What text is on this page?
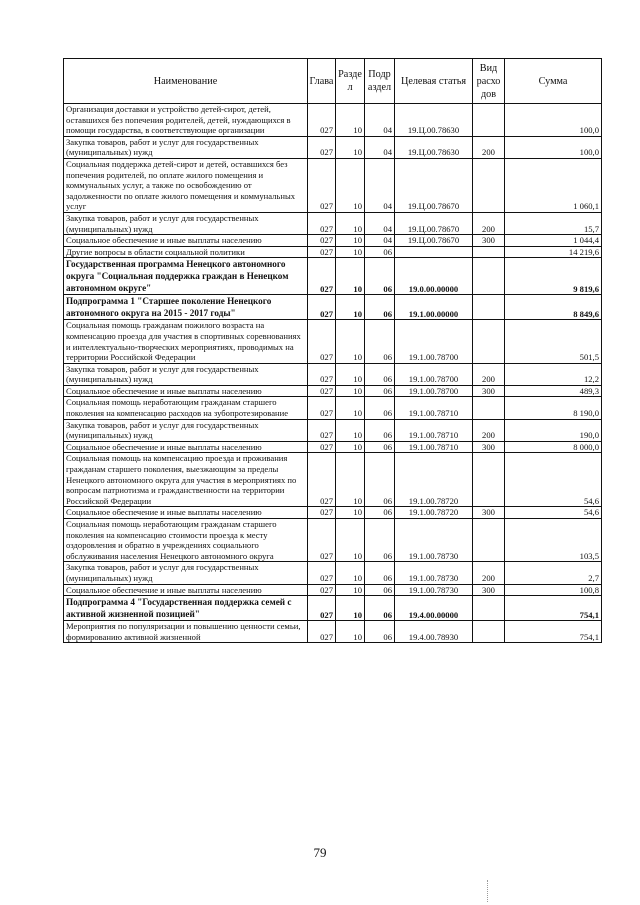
Наименование	Глава	Разде л	Подр аздел	Целевая статья	Вид расхо дов	Сумма
Организация доставки и устройство детей-сирот, детей, оставшихся без попечения родителей, детей, нуждающихся в помощи государства, в соответствующие организации	027	10	04	19.Ц.00.78630		100,0
Закупка товаров, работ и услуг для государственных (муниципальных) нужд	027	10	04	19.Ц.00.78630	200	100,0
Социальная поддержка детей-сирот и детей, оставшихся без попечения родителей, по оплате жилого помещения и коммунальных услуг, а также по освобождению от задолженности по оплате жилого помещения и коммунальных услуг	027	10	04	19.Ц.00.78670		1 060,1
Закупка товаров, работ и услуг для государственных (муниципальных) нужд	027	10	04	19.Ц.00.78670	200	15,7
Социальное обеспечение и иные выплаты населению	027	10	04	19.Ц.00.78670	300	1 044,4
Другие вопросы в области социальной политики	027	10	06			14 219,6
Государственная программа Ненецкого автономного округа "Социальная поддержка граждан в Ненецком автономном округе"	027	10	06	19.0.00.00000		9 819,6
Подпрограмма 1 "Старшее поколение Ненецкого автономного округа на 2015 - 2017 годы"	027	10	06	19.1.00.00000		8 849,6
Социальная помощь гражданам пожилого возраста на компенсацию проезда для участия в спортивных соревнованиях и интеллектуально-творческих мероприятиях, проводимых на территории Российской Федерации	027	10	06	19.1.00.78700		501,5
Закупка товаров, работ и услуг для государственных (муниципальных) нужд	027	10	06	19.1.00.78700	200	12,2
Социальное обеспечение и иные выплаты населению	027	10	06	19.1.00.78700	300	489,3
Социальная помощь неработающим гражданам старшего поколения на компенсацию расходов на зубопротезирование	027	10	06	19.1.00.78710		8 190,0
Закупка товаров, работ и услуг для государственных (муниципальных) нужд	027	10	06	19.1.00.78710	200	190,0
Социальное обеспечение и иные выплаты населению	027	10	06	19.1.00.78710	300	8 000,0
Социальная помощь на компенсацию проезда и проживания гражданам старшего поколения, выезжающим за пределы Ненецкого автономного округа для участия в мероприятиях по вопросам патриотизма и гражданственности на территории Российской Федерации	027	10	06	19.1.00.78720		54,6
Социальное обеспечение и иные выплаты населению	027	10	06	19.1.00.78720	300	54,6
Социальная помощь неработающим гражданам старшего поколения на компенсацию стоимости проезда к месту оздоровления и обратно в учреждениях социального обслуживания населения Ненецкого автономного округа	027	10	06	19.1.00.78730		103,5
Закупка товаров, работ и услуг для государственных (муниципальных) нужд	027	10	06	19.1.00.78730	200	2,7
Социальное обеспечение и иные выплаты населению	027	10	06	19.1.00.78730	300	100,8
Подпрограмма 4 "Государственная поддержка семей с активной жизненной позицией"	027	10	06	19.4.00.00000		754,1
Мероприятия по популяризации и повышению ценности семьи, формированию активной жизненной	027	10	06	19.4.00.78930		754,1
79
